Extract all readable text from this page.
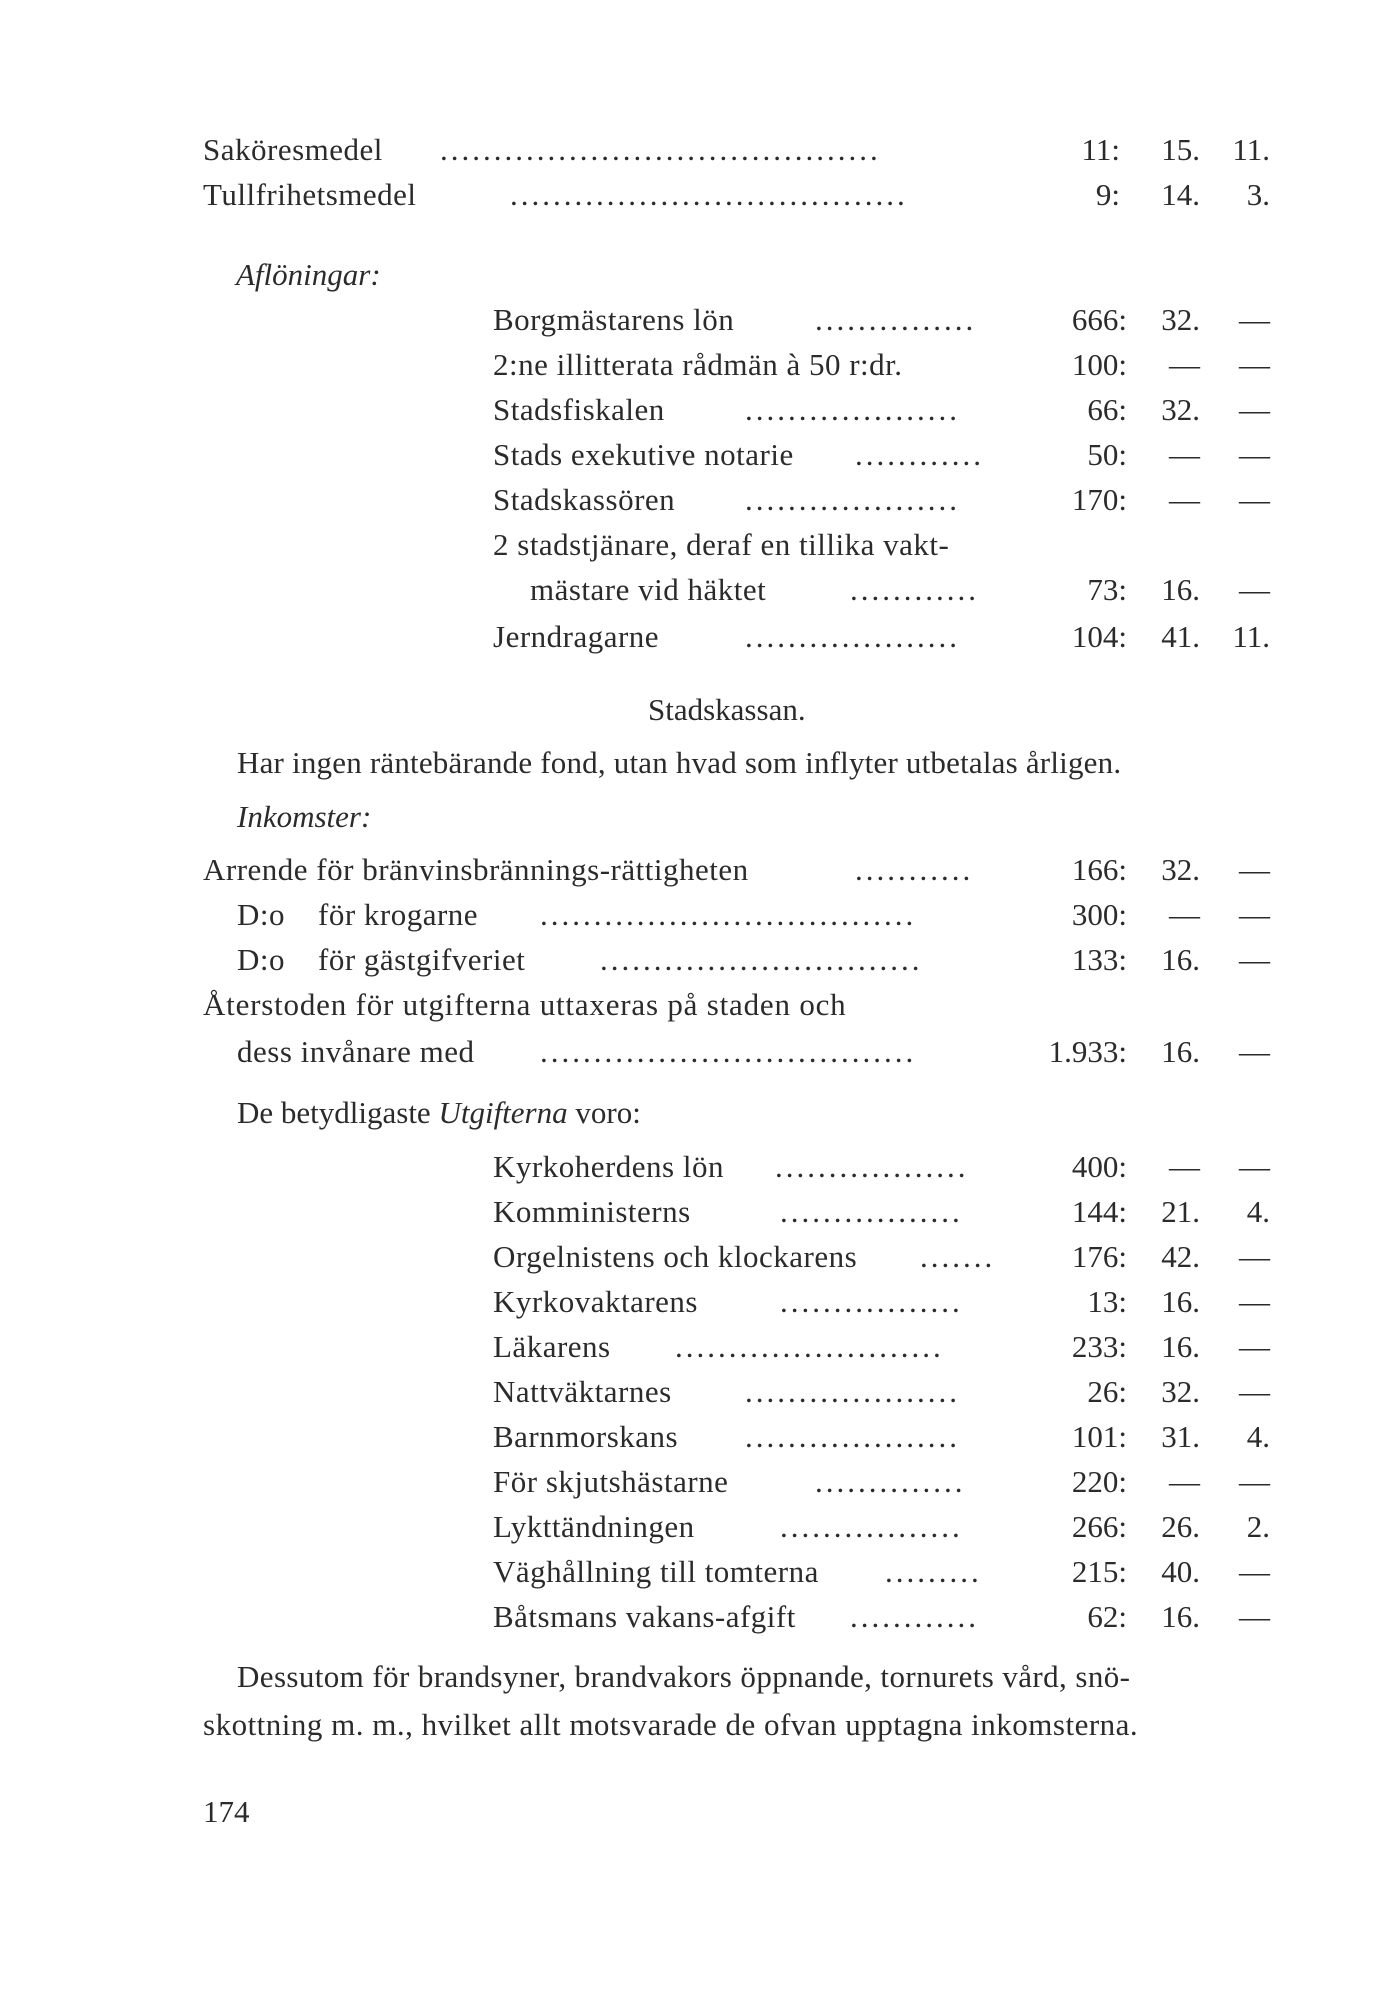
Saköresmedel .........................................	11:	15.	11.
Tullfrihetsmedel	.....................................	9:	14.	3.
Aflöningar:
Borgmästarens lön	...............	666:	32.	—
2:ne illitterata rådmän à 50 r:dr.	100:	—	—
Stadsfiskalen	....................	66:	32.	—
Stads exekutive notarie ............	50:	—	—
Stadskassören ....................	170:	—	—
2 stadstjänare, deraf en tillika vakt-
mästare vid häktet	............	73:	16.	—
Jerndragarne	....................	104:	41.	11.
Stadskassan.
Har ingen räntebärande fond, utan hvad som inflyter utbetalas årligen.
Inkomster:
Arrende för bränvinsbrännings-rättigheten	...........	166:	32.	—
D:o    för krogarne ...................................	300:	—	—
D:o    för gästgifveriet ..............................	133:	16.	—
Återstoden för utgifterna uttaxeras på staden och
dess invånare med ...................................	1.933:	16.	—
De betydligaste Utgifterna voro:
Kyrkoherdens lön ..................	400:	—	—
Komministerns	.................	144:	21.	4.
Orgelnistens och klockarens .......	176:	42.	—
Kyrkovaktarens	.................	13:	16.	—
Läkarens .........................	233:	16.	—
Nattväktarnes ....................	26:	32.	—
Barnmorskans ....................	101:	31.	4.
För skjutshästarne	..............	220:	—	—
Lykttändningen	.................	266:	26.	2.
Väghållning till tomterna .........	215:	40.	—
Båtsmans vakans-afgift ............	62:	16.	—
Dessutom för brandsyner, brandvakors öppnande, tornurets vård, snö-
skottning m. m., hvilket allt motsvarade de ofvan upptagna inkomsterna.
174
